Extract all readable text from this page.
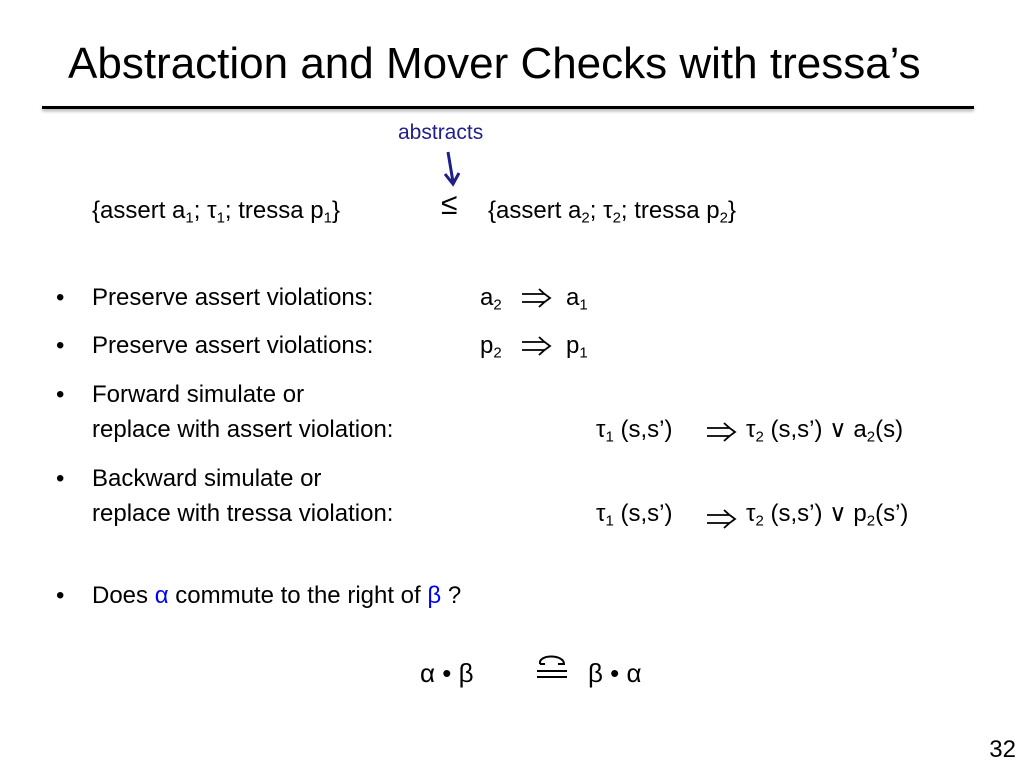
Abstraction and Mover Checks with tressa’s
abstracts
{assert $a_1$; $\tau_1$; tressa $p_1$}	≤ {assert $a_2$; $\tau_2$; tressa $p_2$}
• Preserve assert violations:	$a_2$	$a_1$
• Preserve assert violations:	$p_2$	$p_1$
• Forward simulate or
replace with assert violation:	$\tau_1$ (s,s’)	$\tau_2$ (s,s’) ∨ $a_2(s)$
• Backward simulate or
replace with tressa violation:	$\tau_1$ (s,s’)	$\tau_2$ (s,s’) ∨ $p_2(s’)$
• Does α commute to the right of β ?
α • β	β • α
32
